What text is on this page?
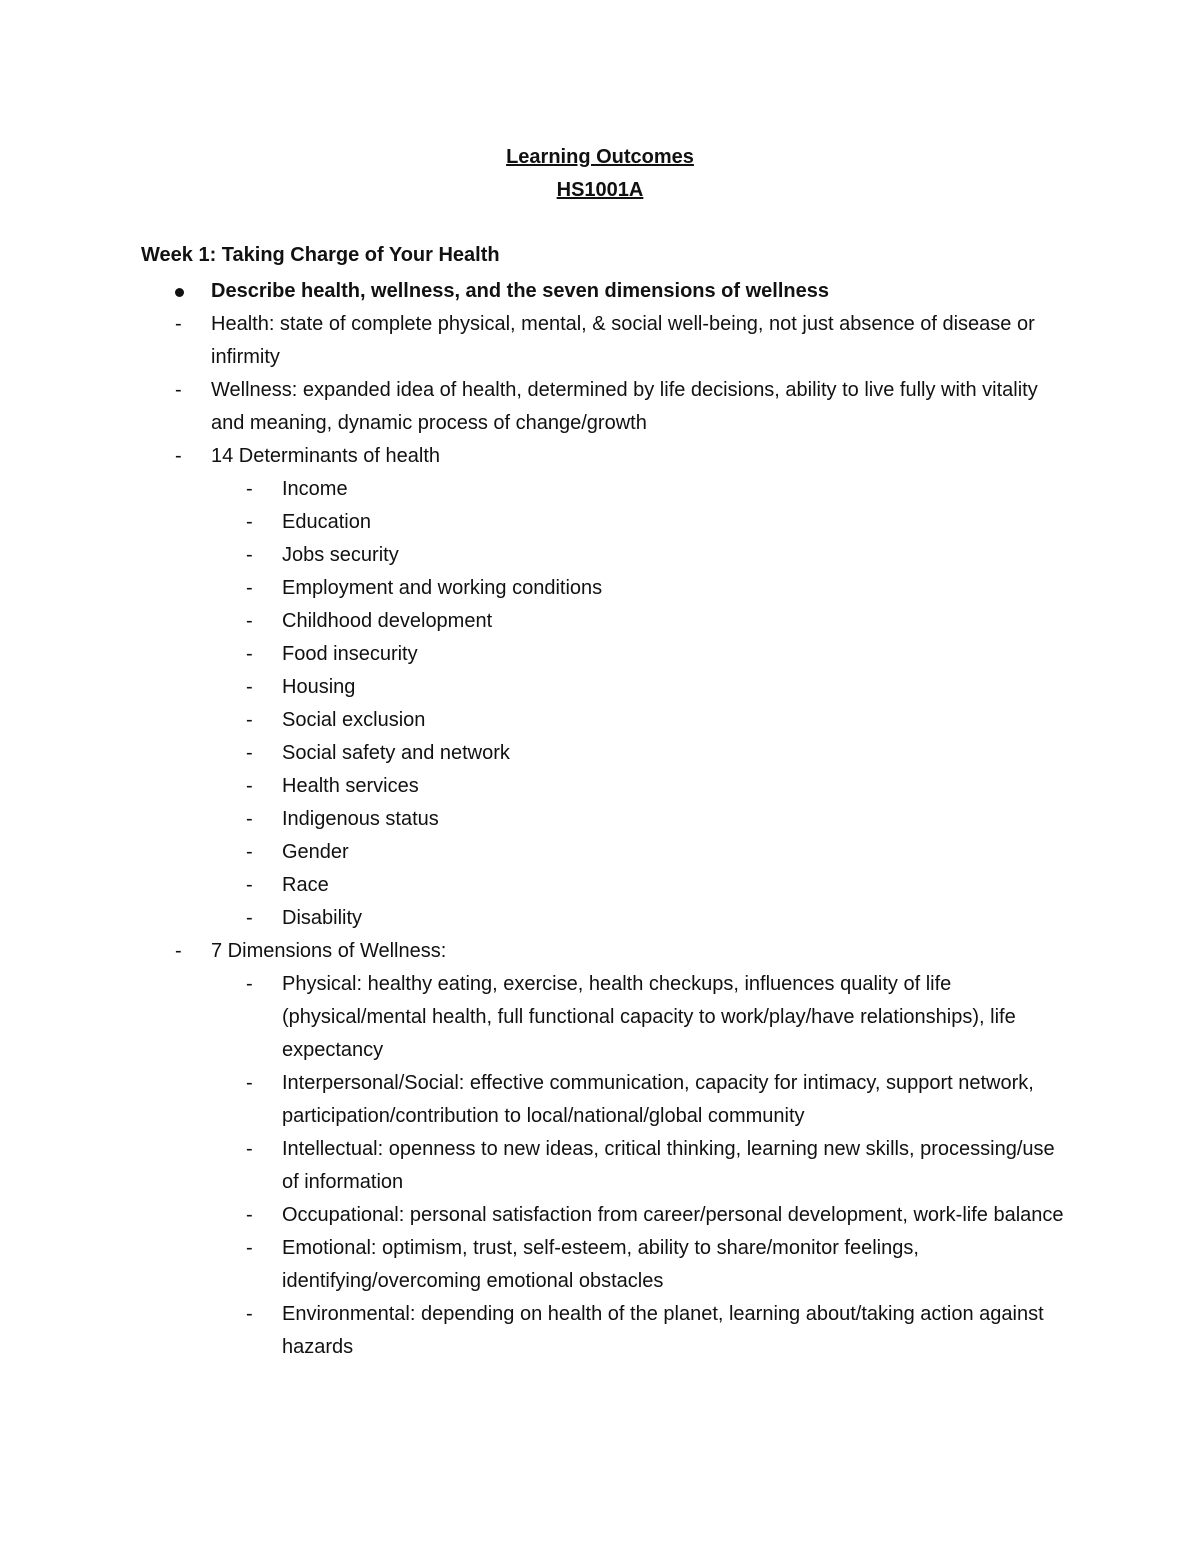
Learning Outcomes
HS1001A
Week 1: Taking Charge of Your Health
Describe health, wellness, and the seven dimensions of wellness
-	Health: state of complete physical, mental, & social well-being, not just absence of disease or infirmity
-	Wellness: expanded idea of health, determined by life decisions, ability to live fully with vitality and meaning, dynamic process of change/growth
-	14 Determinants of health
-	Income
-	Education
-	Jobs security
-	Employment and working conditions
-	Childhood development
-	Food insecurity
-	Housing
-	Social exclusion
-	Social safety and network
-	Health services
-	Indigenous status
-	Gender
-	Race
-	Disability
-	7 Dimensions of Wellness:
-	Physical: healthy eating, exercise, health checkups, influences quality of life (physical/mental health, full functional capacity to work/play/have relationships), life expectancy
-	Interpersonal/Social: effective communication, capacity for intimacy, support network, participation/contribution to local/national/global community
-	Intellectual: openness to new ideas, critical thinking, learning new skills, processing/use of information
-	Occupational: personal satisfaction from career/personal development, work-life balance
-	Emotional: optimism, trust, self-esteem, ability to share/monitor feelings, identifying/overcoming emotional obstacles
-	Environmental: depending on health of the planet, learning about/taking action against hazards
